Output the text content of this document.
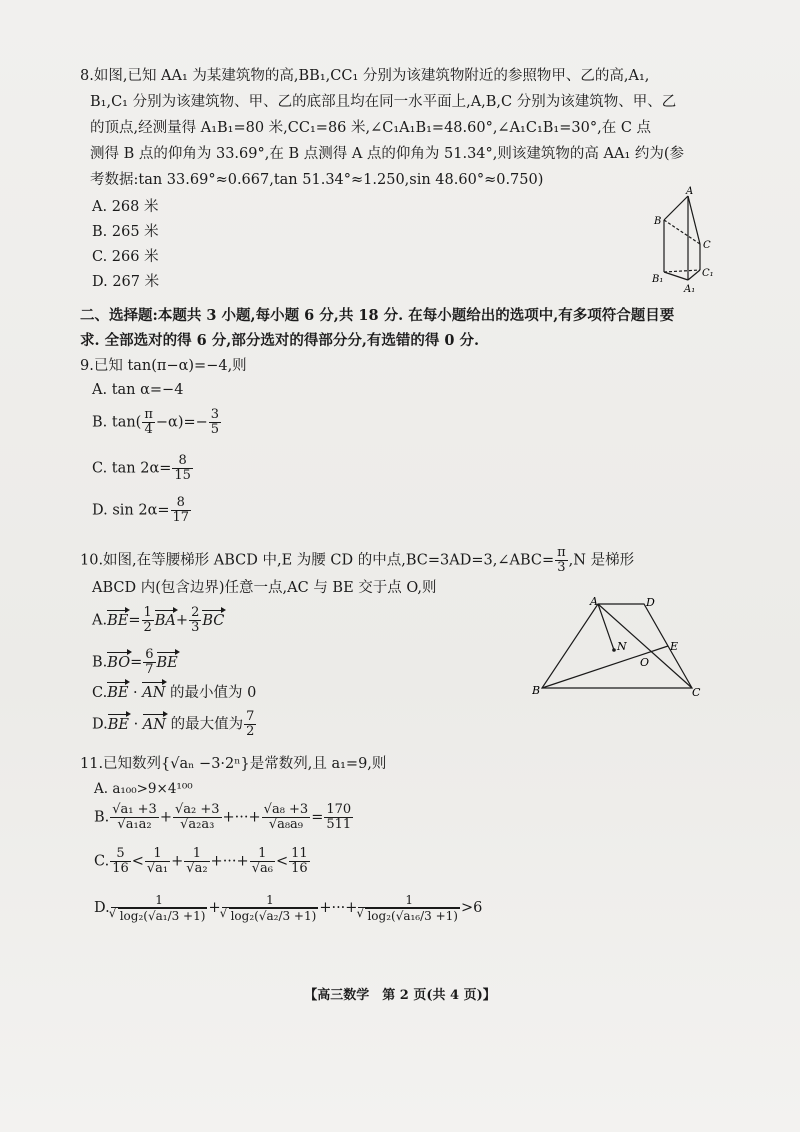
8.如图,已知 AA₁ 为某建筑物的高,BB₁,CC₁ 分别为该建筑物附近的参照物甲、乙的高,A₁,
B₁,C₁ 分别为该建筑物、甲、乙的底部且均在同一水平面上,A,B,C 分别为该建筑物、甲、乙
的顶点,经测量得 A₁B₁=80 米,CC₁=86 米,∠C₁A₁B₁=48.60°,∠A₁C₁B₁=30°,在 C 点
测得 B 点的仰角为 33.69°,在 B 点测得 A 点的仰角为 51.34°,则该建筑物的高 AA₁ 约为(参
考数据:tan 33.69°≈0.667,tan 51.34°≈1.250,sin 48.60°≈0.750)
A. 268 米
B. 265 米
C. 266 米
D. 267 米
A
B
C
B₁
C₁
A₁
二、选择题:本题共 3 小题,每小题 6 分,共 18 分. 在每小题给出的选项中,有多项符合题目要
求. 全部选对的得 6 分,部分选对的得部分分,有选错的得 0 分.
9.已知 tan(π−α)=−4,则
A. tan α=−4
B. $\tan( \frac{\pi}{4} -\alpha)=- \frac{3}{5}$
C. $\tan 2\alpha= \frac{8}{15}$
D. $\sin 2\alpha= \frac{8}{17}$
10.如图,在等腰梯形 ABCD 中,E 为腰 CD 的中点,BC=3AD=3,∠ABC= $\frac{\pi}{3} ,N$ 是梯形
ABCD 内(包含边界)任意一点,AC 与 BE 交于点 O,则
$A.BE= \frac{1}{2} BA+ \frac{2}{3}$ BC
$B.BO= \frac{6}{7}$ BE
C.BE · AN 的最小值为 0
D.BE · AN 的最大值为 $\frac{7}{2}$
A	D
N
O
E
B	C
11.已知数列{√aₙ −3·2ⁿ}是常数列,且 a₁=9,则
A. a₁₀₀>9×4¹⁰⁰
B. $\frac{\text{√a₁ +3}}{\text{√a₁a₂}} + \frac{\text{√a₂ +3}}{\text{√a₂a₃}}$ +···+ $\frac{\text{√a₈ +3}}{\text{√a₈a₉}} = \frac{170}{511}$
C. $\frac{5}{16} < \frac{1}{\text{√a₁}} + \frac{1}{\text{√a₂}}$ +···+ $\frac{1}{\text{√a₆}} < \frac{11}{16}$
D. 1
√ log₂(√a₁/3 +1) + 1
√ log₂(√a₂/3 +1) +···+ 1
√ log₂(√a₁₆/3 +1) >6
【高三数学　第 2 页(共 4 页)】
